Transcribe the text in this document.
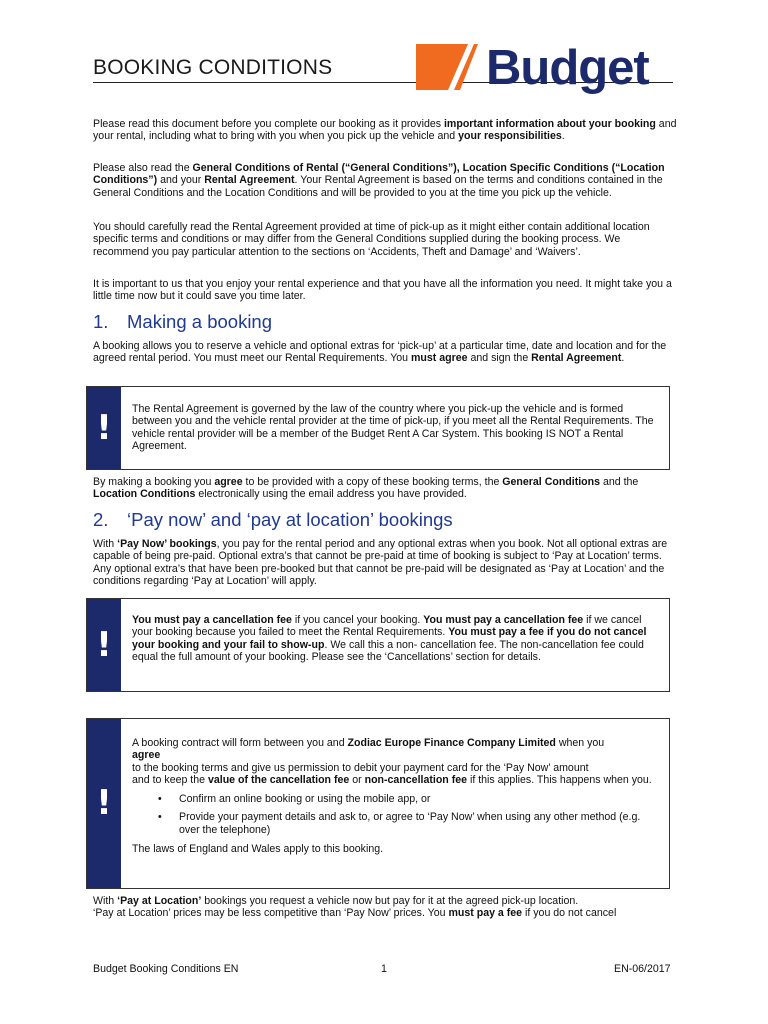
BOOKING CONDITIONS	Budget

Please read this document before you complete our booking as it provides important information about your booking and your rental, including what to bring with you when you pick up the vehicle and your responsibilities.

Please also read the General Conditions of Rental (“General Conditions”), Location Specific Conditions (“Location Conditions”) and your Rental Agreement. Your Rental Agreement is based on the terms and conditions contained in the General Conditions and the Location Conditions and will be provided to you at the time you pick up the vehicle.

You should carefully read the Rental Agreement provided at time of pick-up as it might either contain additional location specific terms and conditions or may differ from the General Conditions supplied during the booking process. We recommend you pay particular attention to the sections on ‘Accidents, Theft and Damage’ and ‘Waivers’.

It is important to us that you enjoy your rental experience and that you have all the information you need. It might take you a little time now but it could save you time later.

1. Making a booking

A booking allows you to reserve a vehicle and optional extras for ‘pick-up’ at a particular time, date and location and for the agreed rental period. You must meet our Rental Requirements. You must agree and sign the Rental Agreement.

!	The Rental Agreement is governed by the law of the country where you pick-up the vehicle and is formed between you and the vehicle rental provider at the time of pick-up, if you meet all the Rental Requirements. The vehicle rental provider will be a member of the Budget Rent A Car System. This booking IS NOT a Rental Agreement.

By making a booking you agree to be provided with a copy of these booking terms, the General Conditions and the Location Conditions electronically using the email address you have provided.

2. ‘Pay now’ and ‘pay at location’ bookings

With ‘Pay Now’ bookings, you pay for the rental period and any optional extras when you book. Not all optional extras are capable of being pre-paid. Optional extra’s that cannot be pre-paid at time of booking is subject to ‘Pay at Location’ terms. Any optional extra’s that have been pre-booked but that cannot be pre-paid will be designated as ‘Pay at Location’ and the conditions regarding ‘Pay at Location’ will apply.

!

You must pay a cancellation fee if you cancel your booking. You must pay a cancellation fee if we cancel your booking because you failed to meet the Rental Requirements. You must pay a fee if you do not cancel your booking and your fail to show-up. We call this a non- cancellation fee. The non-cancellation fee could equal the full amount of your booking. Please see the ‘Cancellations’ section for details.

!

A booking contract will form between you and Zodiac Europe Finance Company Limited when you
agree

to the booking terms and give us permission to debit your payment card for the ‘Pay Now’ amount

and to keep the value of the cancellation fee or non-cancellation fee if this applies. This happens when you.

• Confirm an online booking or using the mobile app, or
• Provide your payment details and ask to, or agree to ‘Pay Now’ when using any other method (e.g. over the telephone)

The laws of England and Wales apply to this booking.

With ‘Pay at Location’ bookings you request a vehicle now but pay for it at the agreed pick-up location.

‘Pay at Location’ prices may be less competitive than ‘Pay Now’ prices. You must pay a fee if you do not cancel

Budget Booking Conditions EN	1	EN-06/2017
